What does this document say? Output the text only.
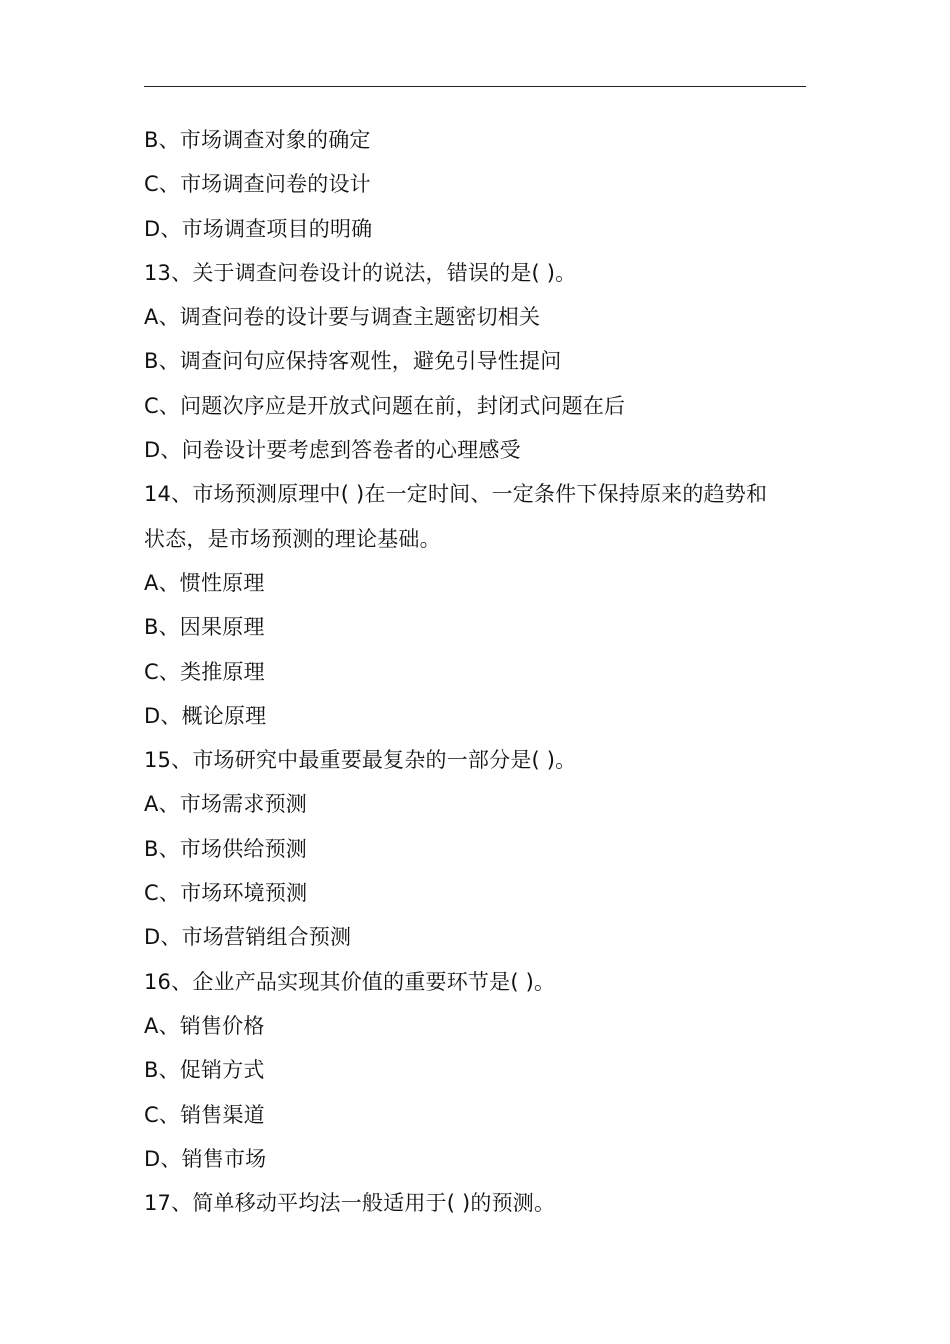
B、市场调查对象的确定
C、市场调查问卷的设计
D、市场调查项目的明确
13、关于调查问卷设计的说法，错误的是( )。
A、调查问卷的设计要与调查主题密切相关
B、调查问句应保持客观性，避免引导性提问
C、问题次序应是开放式问题在前，封闭式问题在后
D、问卷设计要考虑到答卷者的心理感受
14、市场预测原理中( )在一定时间、一定条件下保持原来的趋势和
状态，是市场预测的理论基础。
A、惯性原理
B、因果原理
C、类推原理
D、概论原理
15、市场研究中最重要最复杂的一部分是( )。
A、市场需求预测
B、市场供给预测
C、市场环境预测
D、市场营销组合预测
16、企业产品实现其价值的重要环节是( )。
A、销售价格
B、促销方式
C、销售渠道
D、销售市场
17、简单移动平均法一般适用于( )的预测。
